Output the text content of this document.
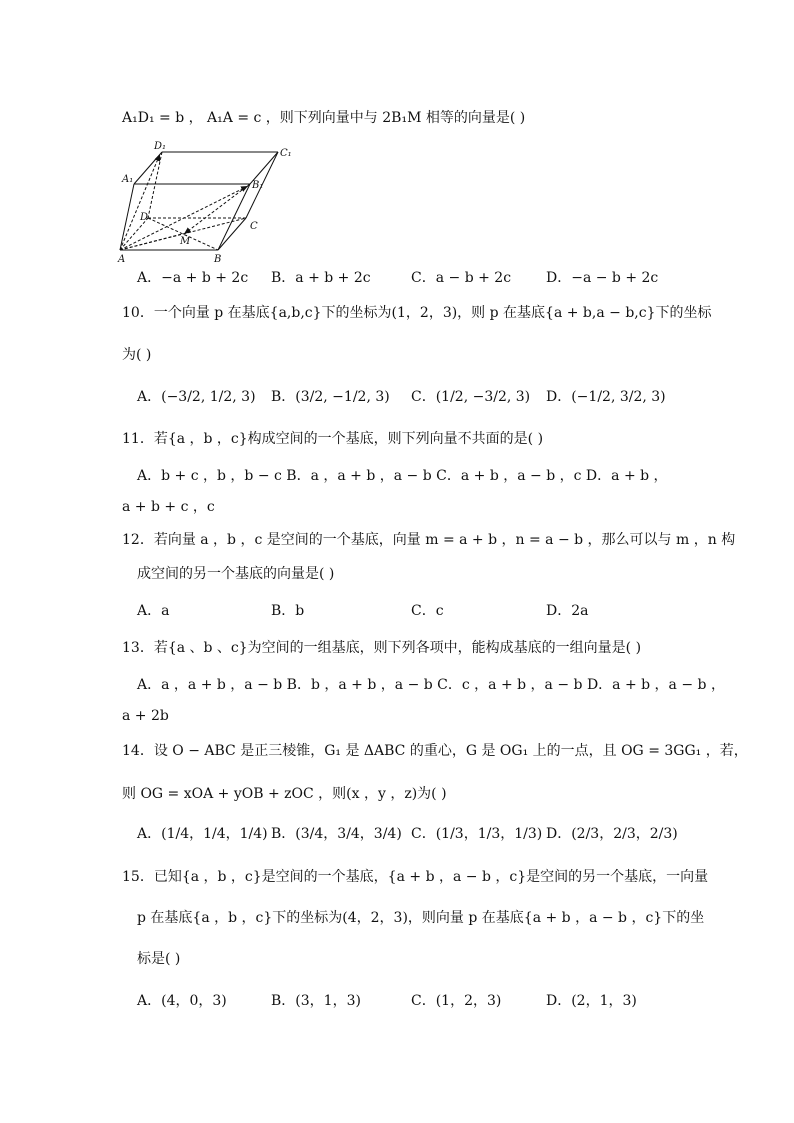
A₁D₁ = b ， A₁A = c ，则下列向量中与 2B₁M 相等的向量是( )
D₁
C₁
A₁
B₁
D
C
M
A	B
A．−a + b + 2c B．a + b + 2c	C．a − b + 2c D．−a − b + 2c
10．一个向量 p 在基底{a,b,c}下的坐标为(1，2，3)，则 p 在基底{a + b,a − b,c}下的坐标
为( )
A．(−3/2, 1/2, 3) B．(3/2, −1/2, 3) C．(1/2, −3/2, 3) D．(−1/2, 3/2, 3)
11．若{a ，b ，c}构成空间的一个基底，则下列向量不共面的是( )
A．b + c ，b ，b − c B．a ，a + b ，a − b C．a + b ，a − b ，c D．a + b ，
a + b + c ，c
12．若向量 a ，b ，c 是空间的一个基底，向量 m = a + b ，n = a − b ，那么可以与 m ，n 构
成空间的另一个基底的向量是( )
A．a	B．b	C．c	D．2a
13．若{a 、b 、c}为空间的一组基底，则下列各项中，能构成基底的一组向量是( )
A．a ，a + b ，a − b B．b ，a + b ，a − b C．c ，a + b ，a − b D．a + b ，a − b ，
a + 2b
14．设 O − ABC 是正三棱锥，G₁ 是 ΔABC 的重心，G 是 OG₁ 上的一点，且 OG = 3GG₁ ，若，
则 OG = xOA + yOB + zOC ，则(x ，y ，z)为( )
A．(1/4，1/4，1/4) B．(3/4，3/4，3/4) C．(1/3，1/3，1/3) D．(2/3，2/3，2/3)
15．已知{a ，b ，c}是空间的一个基底，{a + b ，a − b ，c}是空间的另一个基底，一向量
p 在基底{a ，b ，c}下的坐标为(4，2，3)，则向量 p 在基底{a + b ，a − b ，c}下的坐
标是( )
A．(4，0，3)	B．(3，1，3)	C．(1，2，3)	D．(2，1，3)
